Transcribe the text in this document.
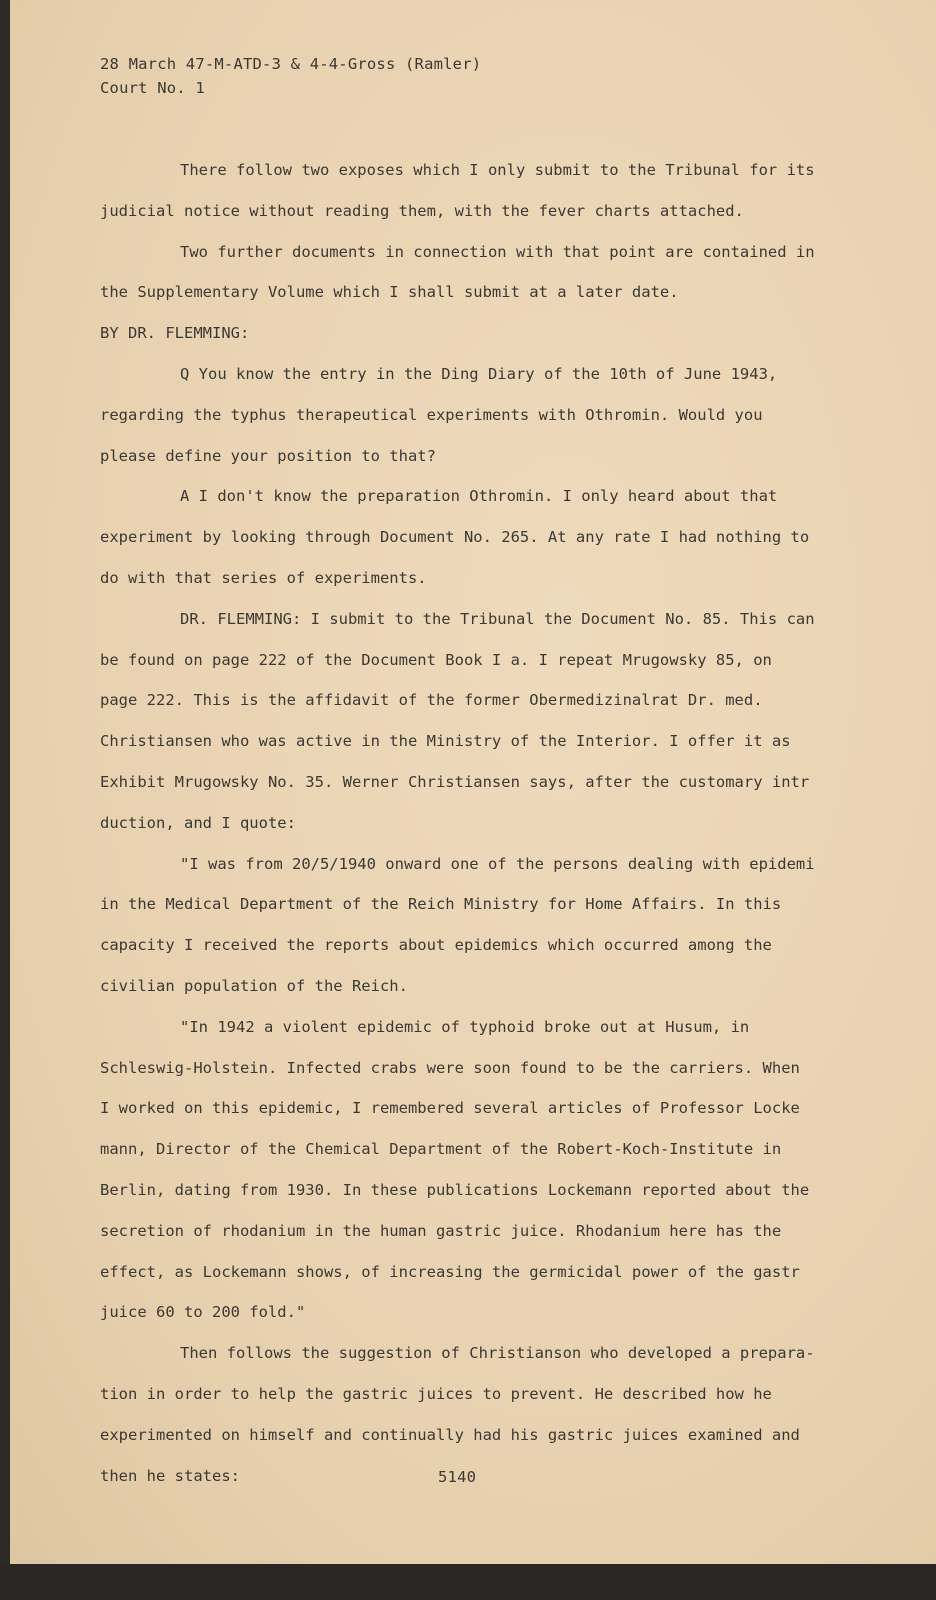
28 March 47-M-ATD-3 & 4-4-Gross (Ramler)
Court No. 1
There follow two exposes which I only submit to the Tribunal for its
judicial notice without reading them, with the fever charts attached.
Two further documents in connection with that point are contained in
the Supplementary Volume which I shall submit at a later date.
BY DR. FLEMMING:
Q You know the entry in the Ding Diary of the 10th of June 1943,
regarding the typhus therapeutical experiments with Othromin. Would you
please define your position to that?
A I don't know the preparation Othromin. I only heard about that
experiment by looking through Document No. 265. At any rate I had nothing to
do with that series of experiments.
DR. FLEMMING: I submit to the Tribunal the Document No. 85. This can
be found on page 222 of the Document Book I a. I repeat Mrugowsky 85, on
page 222. This is the affidavit of the former Obermedizinalrat Dr. med.
Christiansen who was active in the Ministry of the Interior. I offer it as
Exhibit Mrugowsky No. 35. Werner Christiansen says, after the customary intr
duction, and I quote:
"I was from 20/5/1940 onward one of the persons dealing with epidemi
in the Medical Department of the Reich Ministry for Home Affairs. In this
capacity I received the reports about epidemics which occurred among the
civilian population of the Reich.
"In 1942 a violent epidemic of typhoid broke out at Husum, in
Schleswig-Holstein. Infected crabs were soon found to be the carriers. When
I worked on this epidemic, I remembered several articles of Professor Locke
mann, Director of the Chemical Department of the Robert-Koch-Institute in
Berlin, dating from 1930. In these publications Lockemann reported about the
secretion of rhodanium in the human gastric juice. Rhodanium here has the
effect, as Lockemann shows, of increasing the germicidal power of the gastr
juice 60 to 200 fold."
Then follows the suggestion of Christianson who developed a prepara-
tion in order to help the gastric juices to prevent. He described how he
experimented on himself and continually had his gastric juices examined and
then he states:	5140
